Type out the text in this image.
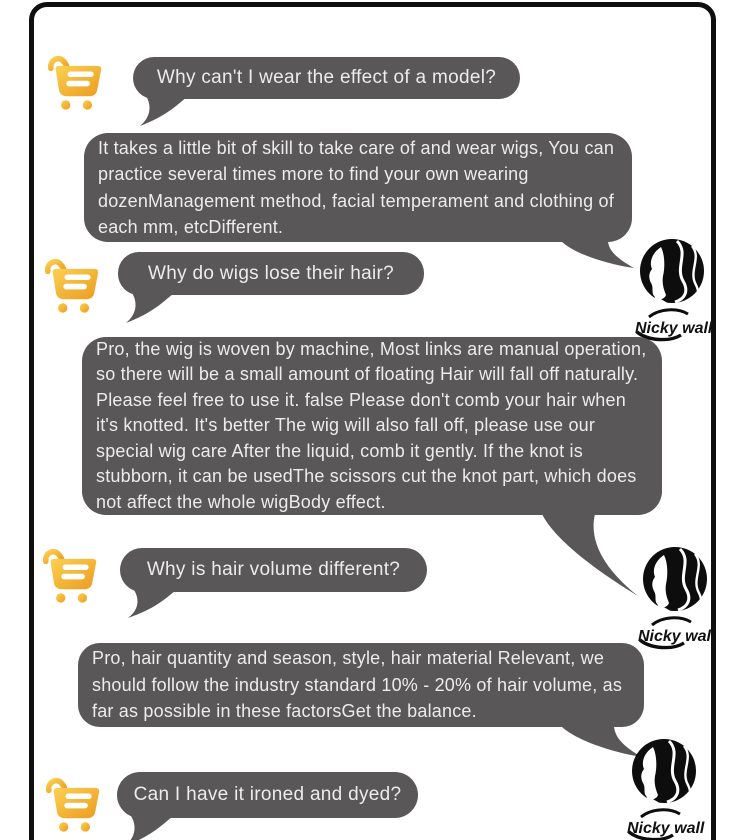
Why can't I wear the effect of a model?
It takes a little bit of skill to take care of and wear wigs, You can practice several times more to find your own wearing dozenManagement method, facial temperament and clothing of each mm, etcDifferent.
Nicky wall
Why do wigs lose their hair?
Pro, the wig is woven by machine, Most links are manual operation, so there will be a small amount of floating Hair will fall off naturally. Please feel free to use it. false Please don't comb your hair when it's knotted. It's better The wig will also fall off, please use our special wig care After the liquid, comb it gently. If the knot is stubborn, it can be usedThe scissors cut the knot part, which does not affect the whole wigBody effect.
Why is hair volume different?
Nicky wall
Pro, hair quantity and season, style, hair material Relevant, we should follow the industry standard 10% - 20% of hair volume, as far as possible in these factorsGet the balance.
Can I have it ironed and dyed?
Nicky wall
